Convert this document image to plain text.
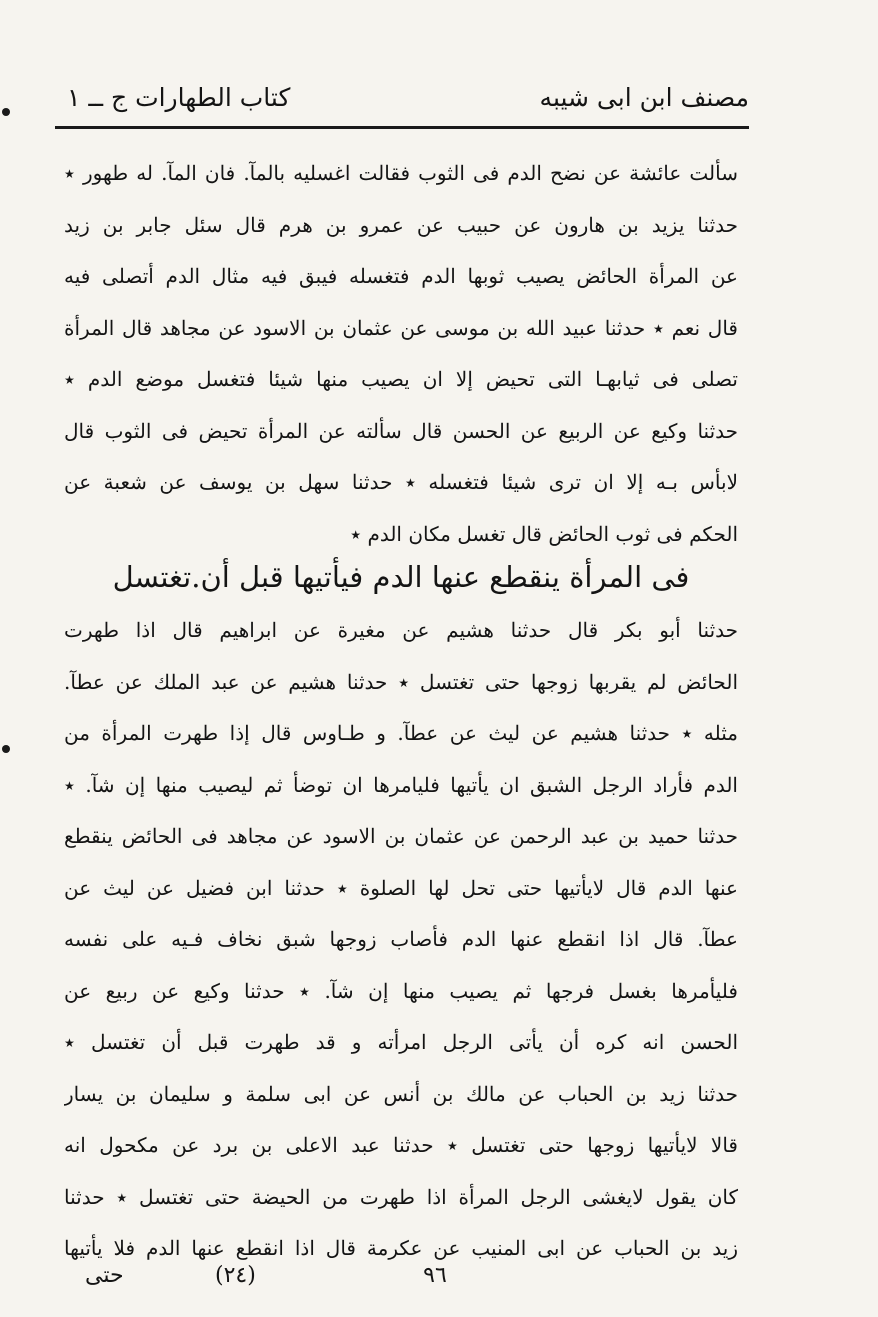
مصنف ابن ابى شيبه
كتاب الطهارات ج ــ ١
سألت عائشة عن نضح الدم فى الثوب فقالت اغسليه بالمآ. فان المآ. له طهور ٭
حدثنا يزيد بن هارون عن حبيب عن عمرو بن هرم قال سئل جابر بن زيد
عن المرأة الحائض يصيب ثوبها الدم فتغسله فيبق فيه مثال الدم أتصلى فيه
قال نعم ٭ حدثنا عبيد الله بن موسى عن عثمان بن الاسود عن مجاهد قال المرأة
تصلى فى ثيابهـا التى تحيض إلا ان يصيب منها شيئا فتغسل موضع الدم ٭
حدثنا وكيع عن الربيع عن الحسن قال سألته عن المرأة تحيض فى الثوب قال
لابأس بـه إلا ان ترى شيئا فتغسله ٭ حدثنا سهل بن يوسف عن شعبة عن
الحكم فى ثوب الحائض قال تغسل مكان الدم ٭
فى المرأة ينقطع عنها الدم فيأتيها قبل أن.تغتسل
حدثنا أبو بكر قال حدثنا هشيم عن مغيرة عن ابراهيم قال اذا طهرت
الحائض لم يقربها زوجها حتى تغتسل ٭ حدثنا هشيم عن عبد الملك عن عطآ.
مثله ٭ حدثنا هشيم عن ليث عن عطآ. و طـاوس قال إذا طهرت المرأة من
الدم فأراد الرجل الشبق ان يأتيها فليامرها ان توضأ ثم ليصيب منها إن شآ. ٭
حدثنا حميد بن عبد الرحمن عن عثمان بن الاسود عن مجاهد فى الحائض ينقطع
عنها الدم قال لايأتيها حتى تحل لها الصلوة ٭ حدثنا ابن فضيل عن ليث عن
عطآ. قال اذا انقطع عنها الدم فأصاب زوجها شبق نخاف فـيه على نفسه
فليأمرها بغسل فرجها ثم يصيب منها إن شآ. ٭ حدثنا وكيع عن ربيع عن
الحسن انه كره أن يأتى الرجل امرأته و قد طهرت قبل أن تغتسل ٭
حدثنا زيد بن الحباب عن مالك بن أنس عن ابى سلمة و سليمان بن يسار
قالا لايأتيها زوجها حتى تغتسل ٭ حدثنا عبد الاعلى بن برد عن مكحول انه
كان يقول لايغشى الرجل المرأة اذا طهرت من الحيضة حتى تغتسل ٭ حدثنا
زيد بن الحباب عن ابى المنيب عن عكرمة قال اذا انقطع عنها الدم فلا يأتيها
٩٦
(٢٤)
حتى
